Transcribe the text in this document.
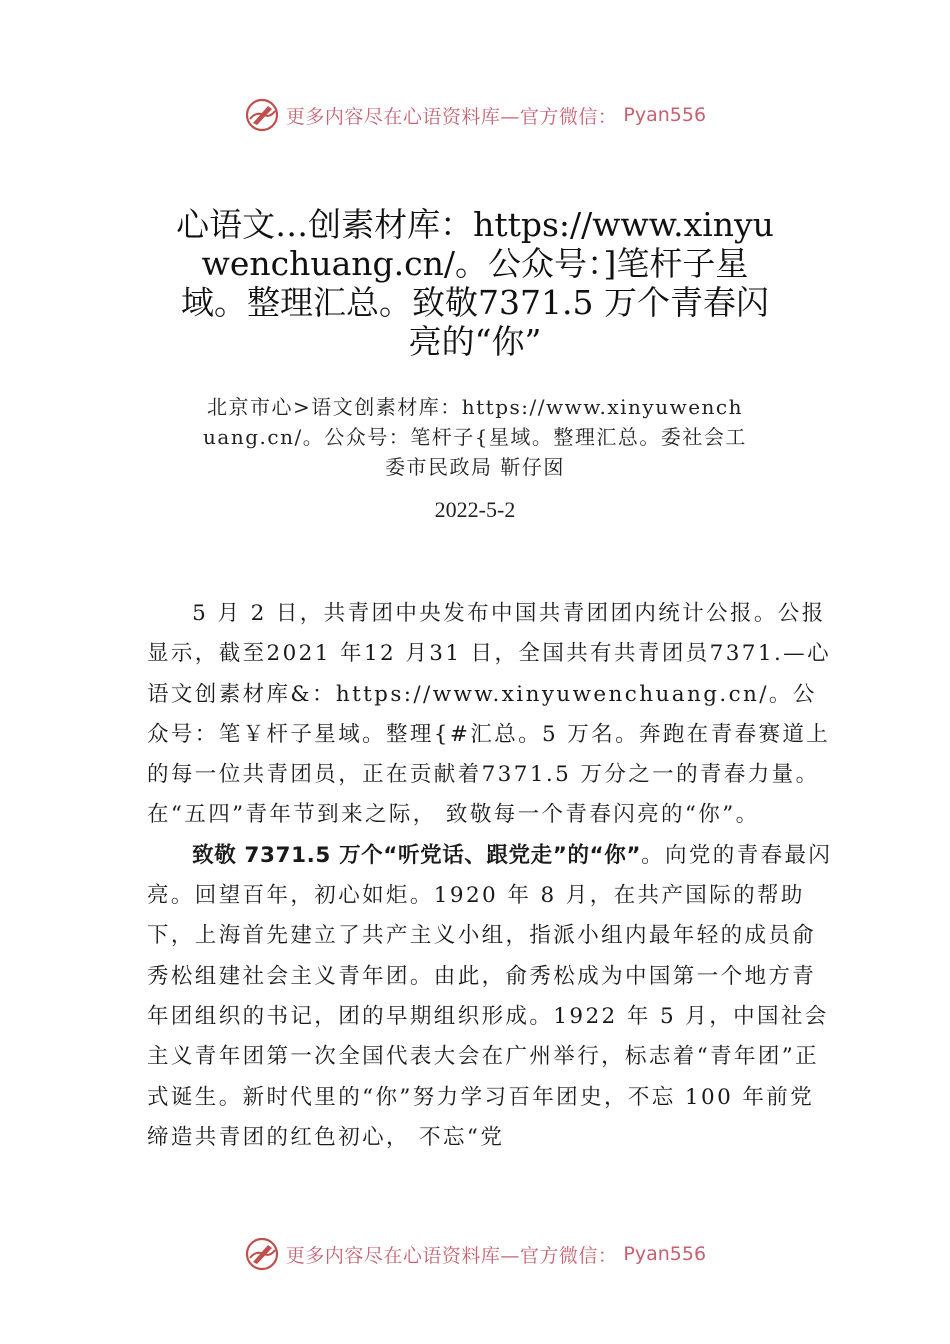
更多内容尽在心语资料库—官方微信： Pyan556
心语文…创素材库：https://www.xinyuwenchuang.cn/。公众号：]笔杆子星域。整理汇总。致敬7371.5 万个青春闪亮的“你”
北京市心>语文创素材库：https://www.xinyuwenchuang.cn/。公众号：笔杆子{星域。整理汇总。委社会工委市民政局 靳仔囡
2022-5-2

5 月 2 日，共青团中央发布中国共青团团内统计公报。公报显示，截至2021 年12 月31 日，全国共有共青团员7371.—心语文创素材库&：https://www.xinyuwenchuang.cn/。公众号：笔￥杆子星域。整理{#汇总。5 万名。奔跑在青春赛道上的每一位共青团员，正在贡献着7371.5 万分之一的青春力量。在“五四”青年节到来之际， 致敬每一个青春闪亮的“你”。

致敬 7371.5 万个“听党话、跟党走”的“你”。向党的青春最闪亮。回望百年，初心如炬。1920 年 8 月，在共产国际的帮助下，上海首先建立了共产主义小组，指派小组内最年轻的成员俞秀松组建社会主义青年团。由此，俞秀松成为中国第一个地方青年团组织的书记，团的早期组织形成。1922 年 5 月，中国社会主义青年团第一次全国代表大会在广州举行，标志着“青年团”正式诞生。新时代里的“你”努力学习百年团史，不忘 100 年前党缔造共青团的红色初心， 不忘“党

更多内容尽在心语资料库—官方微信： Pyan556
